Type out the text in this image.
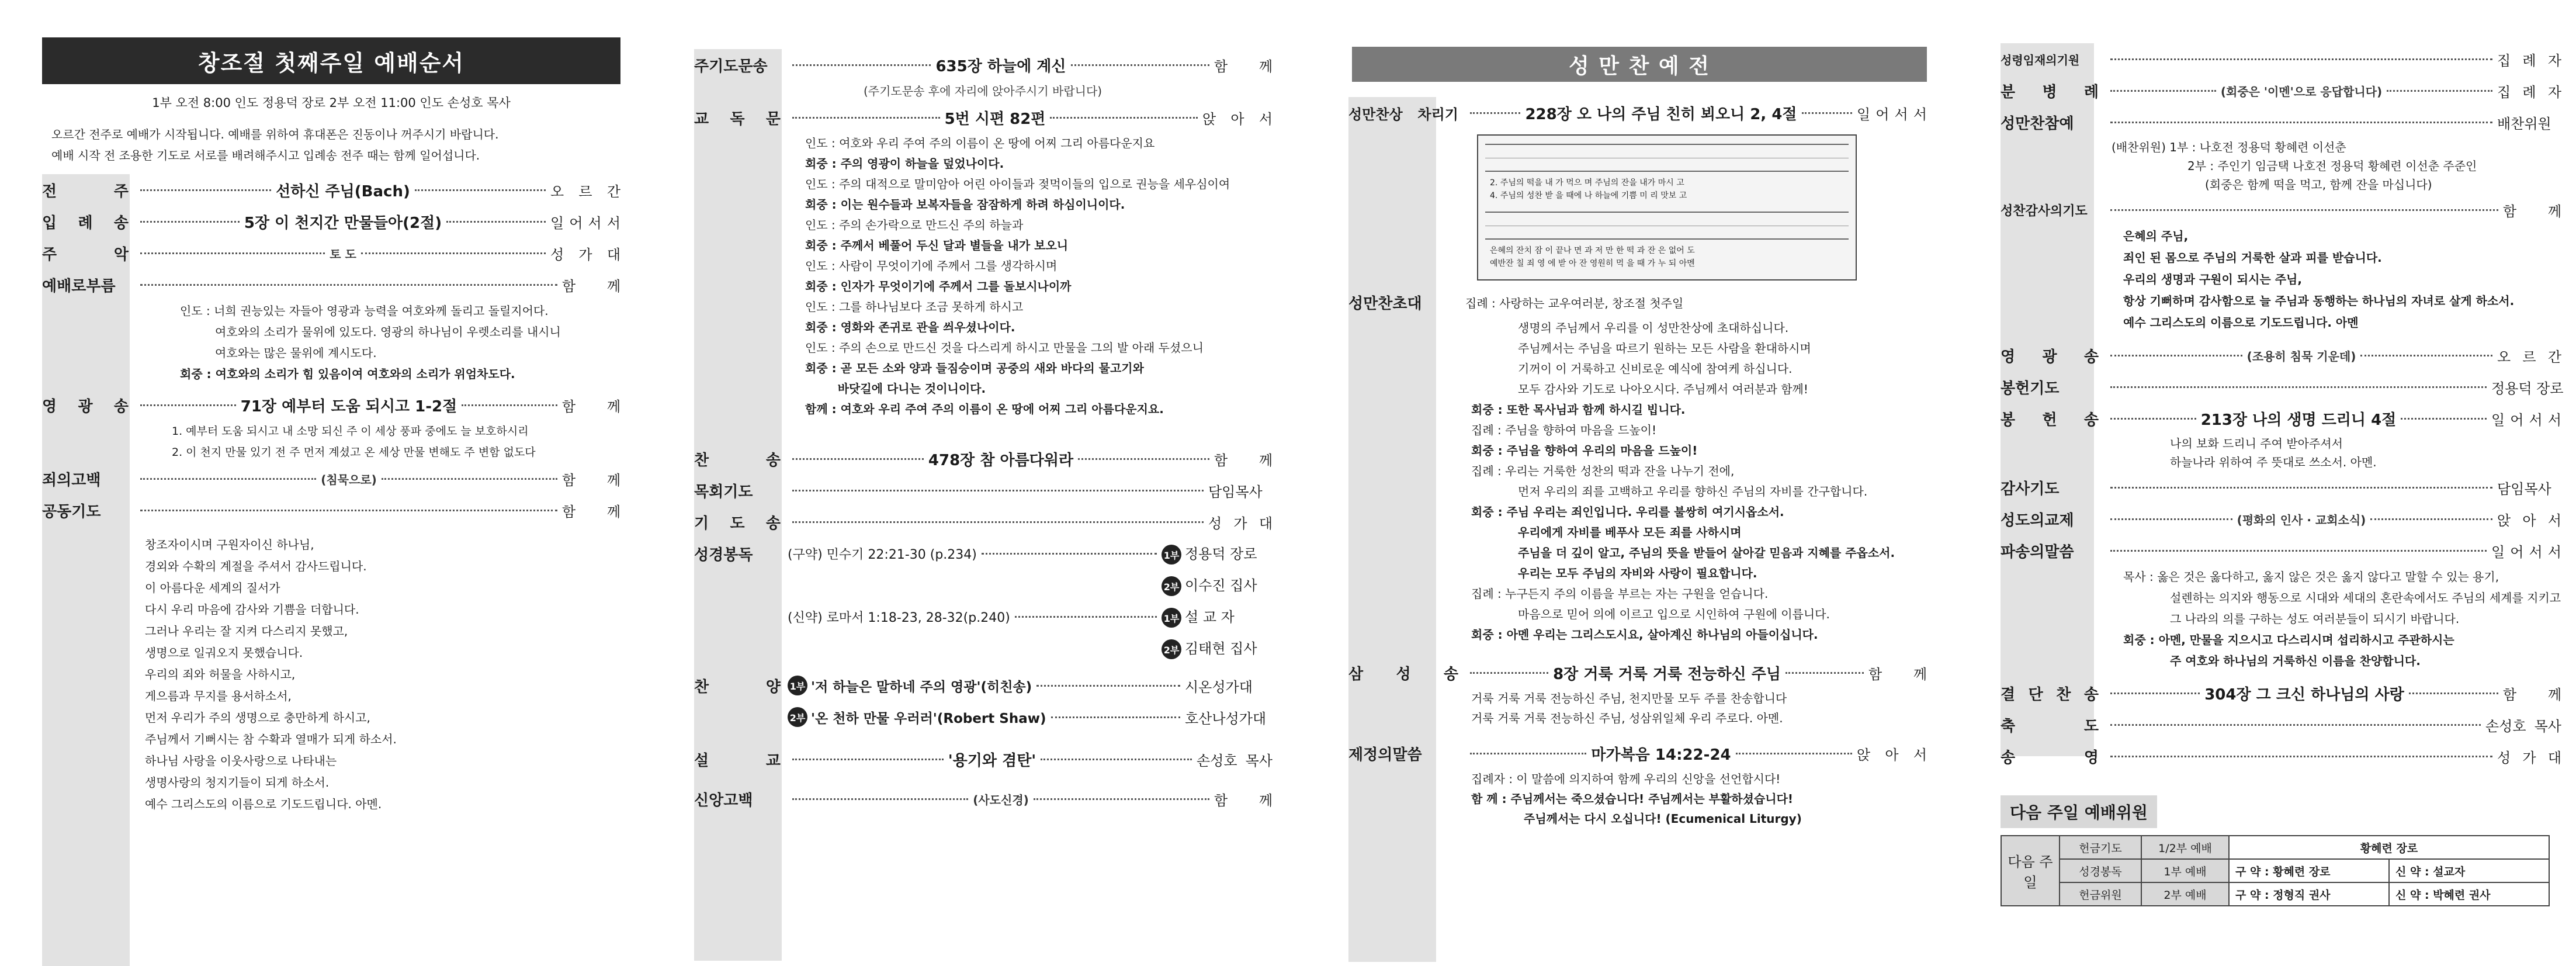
창조절 첫째주일 예배순서
1부 오전 8:00 인도 정용덕 장로 2부 오전 11:00 인도 손성호 목사
오르간 전주로 예배가 시작됩니다. 예배를 위하여 휴대폰은 진동이나 꺼주시기 바랍니다.
예배 시작 전 조용한 기도로 서로를 배려해주시고 입례송 전주 때는 함께 일어섭니다.
전 주	선하신 주님(Bach)	오 르 간
입 례 송	5장 이 천지간 만물들아(2절)	일 어 서 서
주 악	토 도	성 가 대
예배로부름	함 께
인도 : 너희 권능있는 자들아 영광과 능력을 여호와께 돌리고 돌릴지어다.
여호와의 소리가 물위에 있도다. 영광의 하나님이 우렛소리를 내시니
여호와는 많은 물위에 계시도다.
회중 : 여호와의 소리가 힘 있음이여 여호와의 소리가 위엄차도다.
영 광 송	71장 예부터 도움 되시고 1-2절	함 께
1. 예부터 도움 되시고 내 소망 되신 주 이 세상 풍파 중에도 늘 보호하시리
2. 이 천지 만물 있기 전 주 먼저 계셨고 온 세상 만물 변해도 주 변함 없도다
죄의고백	(침묵으로)	함 께
공동기도	함 께
창조자이시며 구원자이신 하나님,
경외와 수확의 계절을 주셔서 감사드립니다.
이 아름다운 세계의 질서가
다시 우리 마음에 감사와 기쁨을 더합니다.
그러나 우리는 잘 지켜 다스리지 못했고,
생명으로 일궈오지 못했습니다.
우리의 죄와 허물을 사하시고,
게으름과 무지를 용서하소서,
먼저 우리가 주의 생명으로 충만하게 하시고,
주님께서 기뻐시는 참 수확과 열매가 되게 하소서.
하나님 사랑을 이웃사랑으로 나타내는
생명사랑의 청지기들이 되게 하소서.
예수 그리스도의 이름으로 기도드립니다. 아멘.
주기도문송	635장 하늘에 계신	함 께
(주기도문송 후에 자리에 앉아주시기 바랍니다)
교 독 문	5번 시편 82편	앉 아 서
인도 : 여호와 우리 주여 주의 이름이 온 땅에 어찌 그리 아름다운지요
회중 : 주의 영광이 하늘을 덮었나이다.
인도 : 주의 대적으로 말미암아 어린 아이들과 젖먹이들의 입으로 권능을 세우심이여
회중 : 이는 원수들과 보복자들을 잠잠하게 하려 하심이니이다.
인도 : 주의 손가락으로 만드신 주의 하늘과
회중 : 주께서 베풀어 두신 달과 별들을 내가 보오니
인도 : 사람이 무엇이기에 주께서 그를 생각하시며
회중 : 인자가 무엇이기에 주께서 그를 돌보시나이까
인도 : 그를 하나님보다 조금 못하게 하시고
회중 : 영화와 존귀로 관을 씌우셨나이다.
인도 : 주의 손으로 만드신 것을 다스리게 하시고 만물을 그의 발 아래 두셨으니
회중 : 곧 모든 소와 양과 들짐승이며 공중의 새와 바다의 물고기와
바닷길에 다니는 것이니이다.
함께 : 여호와 우리 주여 주의 이름이 온 땅에 어찌 그리 아름다운지요.
찬 송	478장 참 아름다워라	함 께
목회기도	담임목사
기 도 송	성 가 대
성경봉독	(구약) 민수기 22:21-30 (p.234)	1부 정용덕 장로
2부 이수진 집사
(신약) 로마서 1:18-23, 28-32(p.240)	1부 설 교 자
2부 김태현 집사
찬 양 1부 '저 하늘은 말하네 주의 영광'(히친송)	시온성가대
2부 '온 천하 만물 우러러'(Robert Shaw)	호산나성가대
설 교	'용기와 겸탄'	손성호 목사
신앙고백	(사도신경)	함 께
성 만 찬 예 전
성만찬상 차리기	228장 오 나의 주님 친히 뵈오니 2, 4절	일 어 서 서
2. 주님의 떡을 내 가 먹으 며 주님의 잔을 내가 마시 고
4. 주님의 성찬 받 을 때에 나 하늘에 기쁨 미 리 맛보 고
은혜의 잔치 잠 이 끝나 면 과 저 만 한 떡 과 잔 은 없어 도
예반잔 칠 죄 영 에 받 아 잔 영원히 먹 을 때 가 누 되 아멘
성만찬초대	집례 : 사랑하는 교우여러분, 창조절 첫주일
생명의 주님께서 우리를 이 성만찬상에 초대하십니다.
주님께서는 주님을 따르기 원하는 모든 사람을 환대하시며
기꺼이 이 거룩하고 신비로운 예식에 참여케 하십니다.
모두 감사와 기도로 나아오시다. 주님께서 여러분과 함께!
회중 : 또한 목사님과 함께 하시길 빕니다.
집례 : 주님을 향하여 마음을 드높이!
회중 : 주님을 향하여 우리의 마음을 드높이!
집례 : 우리는 거룩한 성찬의 떡과 잔을 나누기 전에,
먼저 우리의 죄를 고백하고 우리를 향하신 주님의 자비를 간구합니다.
회중 : 주님 우리는 죄인입니다. 우리를 불쌍히 여기시옵소서.
우리에게 자비를 베푸사 모든 죄를 사하시며
주님을 더 깊이 알고, 주님의 뜻을 받들어 살아갈 믿음과 지혜를 주옵소서.
우리는 모두 주님의 자비와 사랑이 필요합니다.
집례 : 누구든지 주의 이름을 부르는 자는 구원을 얻습니다.
마음으로 믿어 의에 이르고 입으로 시인하여 구원에 이릅니다.
회중 : 아멘 우리는 그리스도시요, 살아계신 하나님의 아들이십니다.
삼 성 송	8장 거룩 거룩 거룩 전능하신 주님	함 께
거룩 거룩 거룩 전능하신 주님, 천지만물 모두 주를 찬송합니다
거룩 거룩 거룩 전능하신 주님, 성삼위일체 우리 주로다. 아멘.
제정의말씀	마가복음 14:22-24	앉 아 서
집례자 : 이 말씀에 의지하여 함께 우리의 신앙을 선언합시다!
함 께 : 주님께서는 죽으셨습니다! 주님께서는 부활하셨습니다!
주님께서는 다시 오십니다! (Ecumenical Liturgy)
성령임재의기원	집 례 자
분 병 례	(회중은 '이멘'으로 응답합니다)	집 례 자
성만찬참예	배찬위원
(배찬위원) 1부 : 나호전 정용덕 황혜련 이선춘
2부 : 주인기 임금택 나호전 정용덕 황혜련 이선춘 주준인
(회중은 함께 떡을 먹고, 함께 잔을 마십니다)
성찬감사의기도	함 께
은혜의 주님,
죄인 된 몸으로 주님의 거룩한 살과 피를 받습니다.
우리의 생명과 구원이 되시는 주님,
항상 기뻐하며 감사함으로 늘 주님과 동행하는 하나님의 자녀로 살게 하소서.
예수 그리스도의 이름으로 기도드립니다. 아멘
영 광 송	(조용히 침묵 기운데)	오 르 간
봉헌기도	정용덕 장로
봉 헌 송	213장 나의 생명 드리니 4절	일 어 서 서
나의 보화 드리니 주여 받아주셔서
하늘나라 위하여 주 뜻대로 쓰소서. 아멘.
감사기도	담임목사
성도의교제	(평화의 인사 · 교회소식)	앉 아 서
파송의말씀	일 어 서 서
목사 : 옳은 것은 옳다하고, 옳지 않은 것은 옳지 않다고 말할 수 있는 용기,
설렌하는 의지와 행동으로 시대와 세대의 혼란속에서도 주님의 세계를 지키고
그 나라의 의를 구하는 성도 여러분들이 되시기 바랍니다.
회중 : 아멘, 만물을 지으시고 다스리시며 섭리하시고 주관하시는
주 여호와 하나님의 거룩하신 이름을 찬양합니다.
결 단 찬 송	304장 그 크신 하나님의 사랑	함 께
축 도	손성호 목사
송 영	성 가 대
다음 주일 예배위원
다음 주일	헌금기도	1/2부 예배	황혜련 장로	
	성경봉독	1부 예배	구 약 : 황혜련 장로	신 약 : 설교자
	헌금위원	2부 예배	구 약 : 정형직 권사	신 약 : 박혜련 권사
